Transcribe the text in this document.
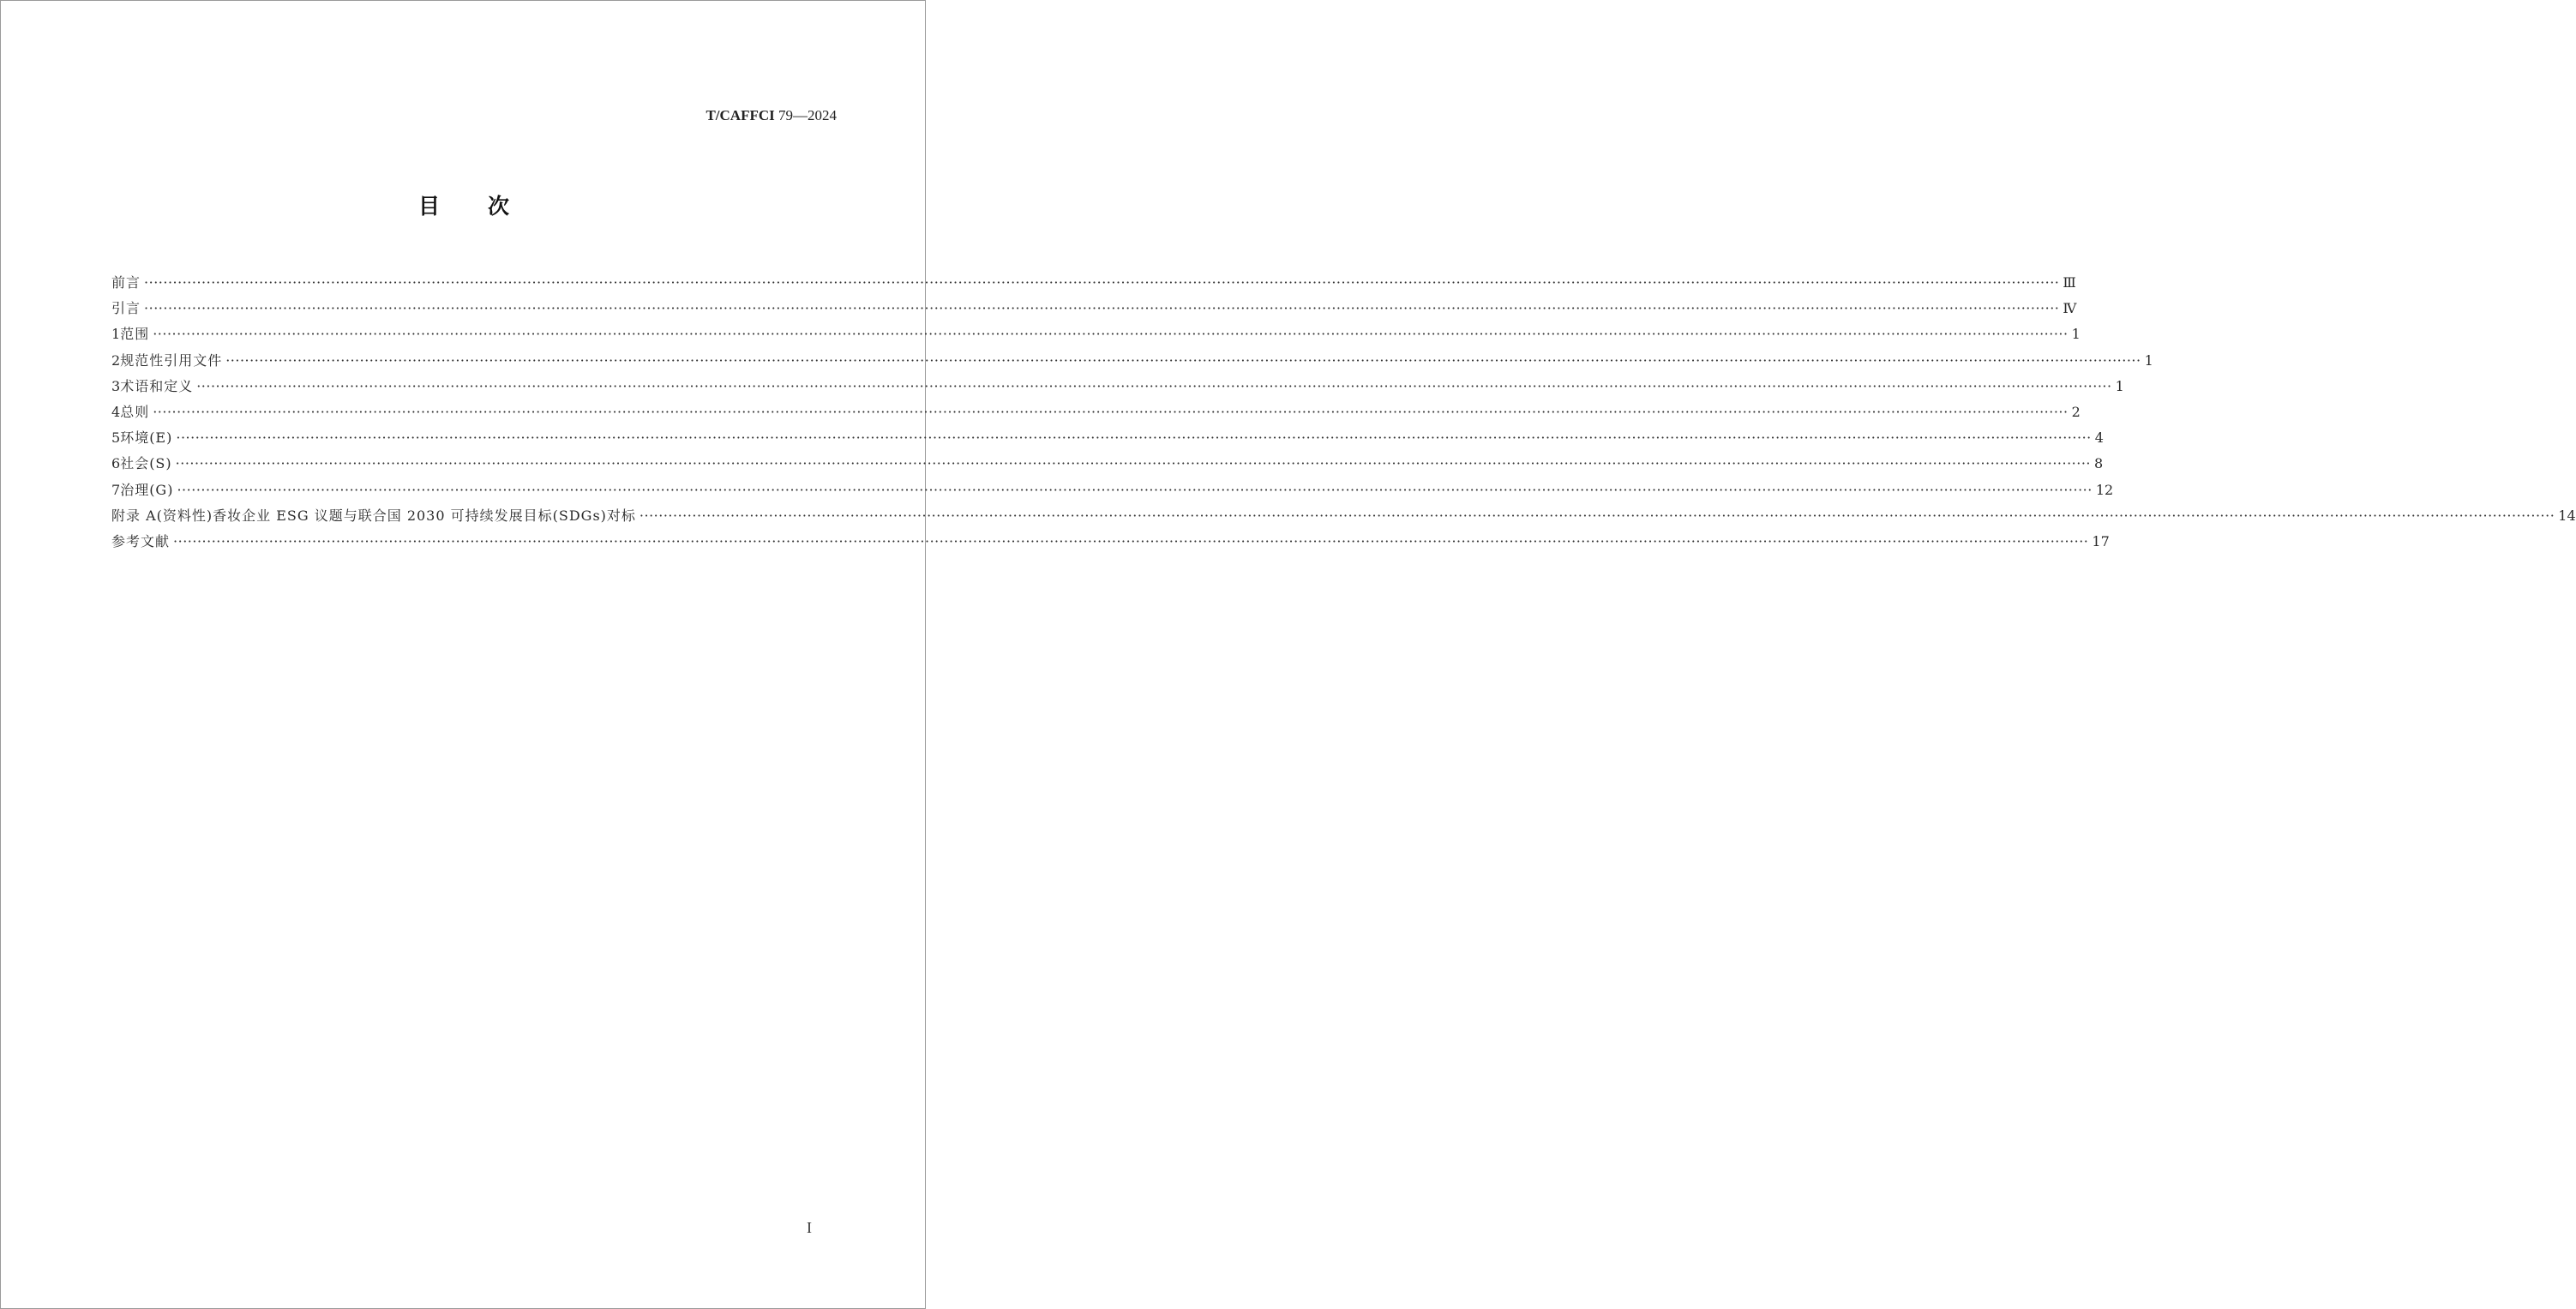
T/CAFFCI 79—2024
目次
前言 ················································································································································································································································································································································································································ Ⅲ
引言 ················································································································································································································································································································································································································ Ⅳ
1 范围 ················································································································································································································································································································································································································ 1
2 规范性引用文件 ················································································································································································································································································································································································································ 1
3 术语和定义 ················································································································································································································································································································································································································ 1
4 总则 ················································································································································································································································································································································································································ 2
5 环境(E) ················································································································································································································································································································································································································ 4
6 社会(S) ················································································································································································································································································································································································································ 8
7 治理(G) ················································································································································································································································································································································································································ 12
附录 A(资料性) 香妆企业 ESG 议题与联合国 2030 可持续发展目标(SDGs)对标 ················································································································································································································································································································································································································ 14
参考文献 ················································································································································································································································································································································································································ 17
I
